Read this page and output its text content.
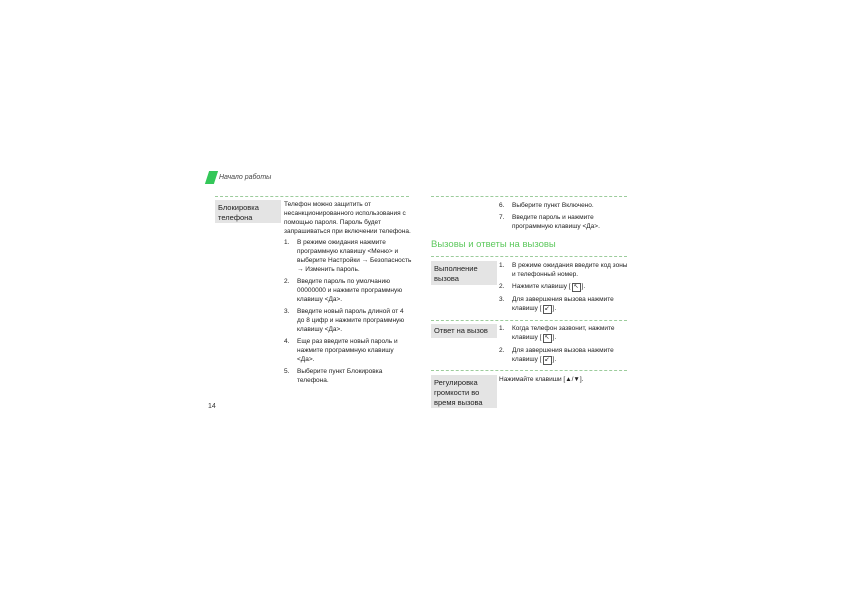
Начало работы
Блокировка телефона
Телефон можно защитить от несанкционированного использования с помощью пароля. Пароль будет запрашиваться при включении телефона.
1. В режиме ожидания нажмите программную клавишу <Меню> и выберите Настройки → Безопасность → Изменить пароль.
2. Введите пароль по умолчанию 00000000 и нажмите программную клавишу <Да>.
3. Введите новый пароль длиной от 4 до 8 цифр и нажмите программную клавишу <Да>.
4. Еще раз введите новый пароль и нажмите программную клавишу <Да>.
5. Выберите пункт Блокировка телефона.
14
6. Выберите пункт Включено.
7. Введите пароль и нажмите программную клавишу <Да>.
Вызовы и ответы на вызовы
Выполнение вызова
1. В режиме ожидания введите код зоны и телефонный номер.
2. Нажмите клавишу [ ↖ ].
3. Для завершения вызова нажмите клавишу [ ↙ ].
Ответ на вызов	1. Когда телефон зазвонит, нажмите клавишу [ ↖ ].
2. Для завершения вызова нажмите клавишу [ ↙ ].
Регулировка громкости во время вызова
Нажимайте клавиши [▲/▼].
